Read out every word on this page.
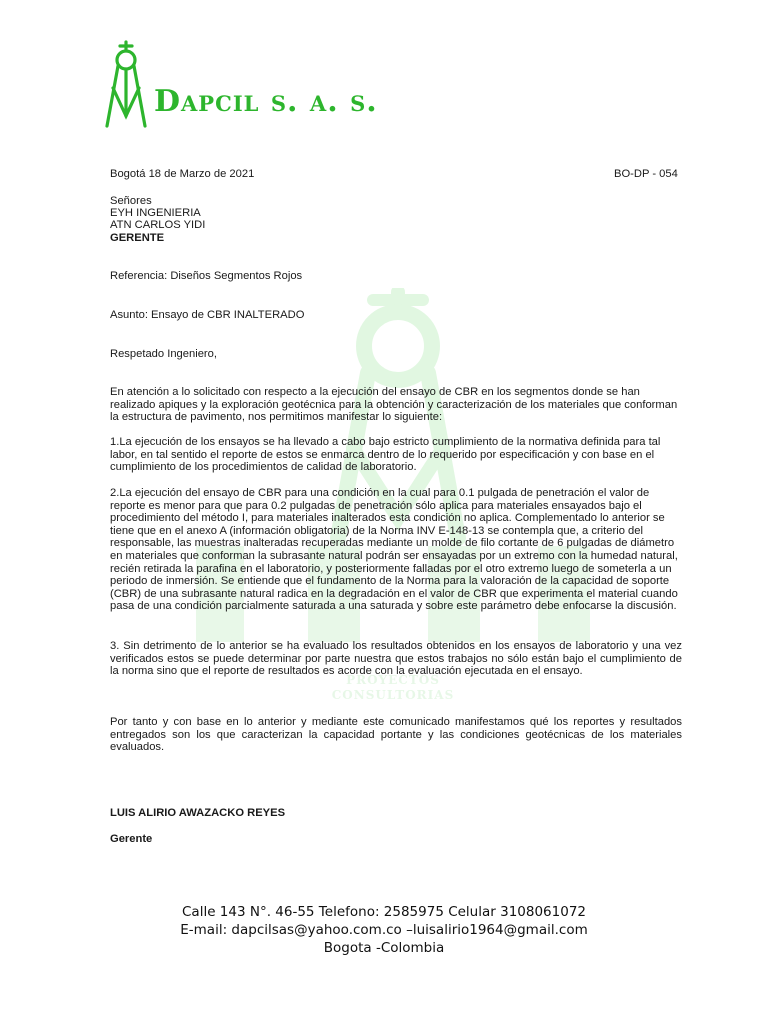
Dapcil s. a. s.
PROYECTOS
CONSULTORIAS
Bogotá 18 de Marzo de 2021	BO-DP - 054
Señores
EYH INGENIERIA
ATN CARLOS YIDI
GERENTE
Referencia: Diseños Segmentos Rojos
Asunto: Ensayo de CBR INALTERADO
Respetado Ingeniero,
En atención a lo solicitado con respecto a la ejecución del ensayo de CBR en los segmentos donde se han realizado apiques y la exploración geotécnica para la obtención y caracterización de los materiales que conforman la estructura de pavimento, nos permitimos manifestar lo siguiente:
1.La ejecución de los ensayos se ha llevado a cabo bajo estricto cumplimiento de la normativa definida para tal labor, en tal sentido el reporte de estos se enmarca dentro de lo requerido por especificación y con base en el cumplimiento de los procedimientos de calidad de laboratorio.
2.La ejecución del ensayo de CBR para una condición en la cual para 0.1 pulgada de penetración el valor de reporte es menor para que para 0.2 pulgadas de penetración sólo aplica para materiales ensayados bajo el procedimiento del método I, para materiales inalterados esta condición no aplica. Complementado lo anterior se tiene que en el anexo A (información obligatoria) de la Norma INV E-148-13 se contempla que, a criterio del responsable, las muestras inalteradas recuperadas mediante un molde de filo cortante de 6 pulgadas de diámetro en materiales que conforman la subrasante natural podrán ser ensayadas por un extremo con la humedad natural, recién retirada la parafina en el laboratorio, y posteriormente falladas por el otro extremo luego de someterla a un periodo de inmersión. Se entiende que el fundamento de la Norma para la valoración de la capacidad de soporte (CBR) de una subrasante natural radica en la degradación en el valor de CBR que experimenta el material cuando pasa de una condición parcialmente saturada a una saturada y sobre este parámetro debe enfocarse la discusión.
3. Sin detrimento de lo anterior se ha evaluado los resultados obtenidos en los ensayos de laboratorio y una vez verificados estos se puede determinar por parte nuestra que estos trabajos no sólo están bajo el cumplimiento de la norma sino que el reporte de resultados es acorde con la evaluación ejecutada en el ensayo.
Por tanto y con base en lo anterior y mediante este comunicado manifestamos qué los reportes y resultados entregados son los que caracterizan la capacidad portante y las condiciones geotécnicas de los materiales evaluados.
LUIS ALIRIO AWAZACKO REYES
Gerente
Calle 143 N°. 46-55 Telefono: 2585975 Celular 3108061072
E-mail: dapcilsas@yahoo.com.co –luisalirio1964@gmail.com
Bogota -Colombia
